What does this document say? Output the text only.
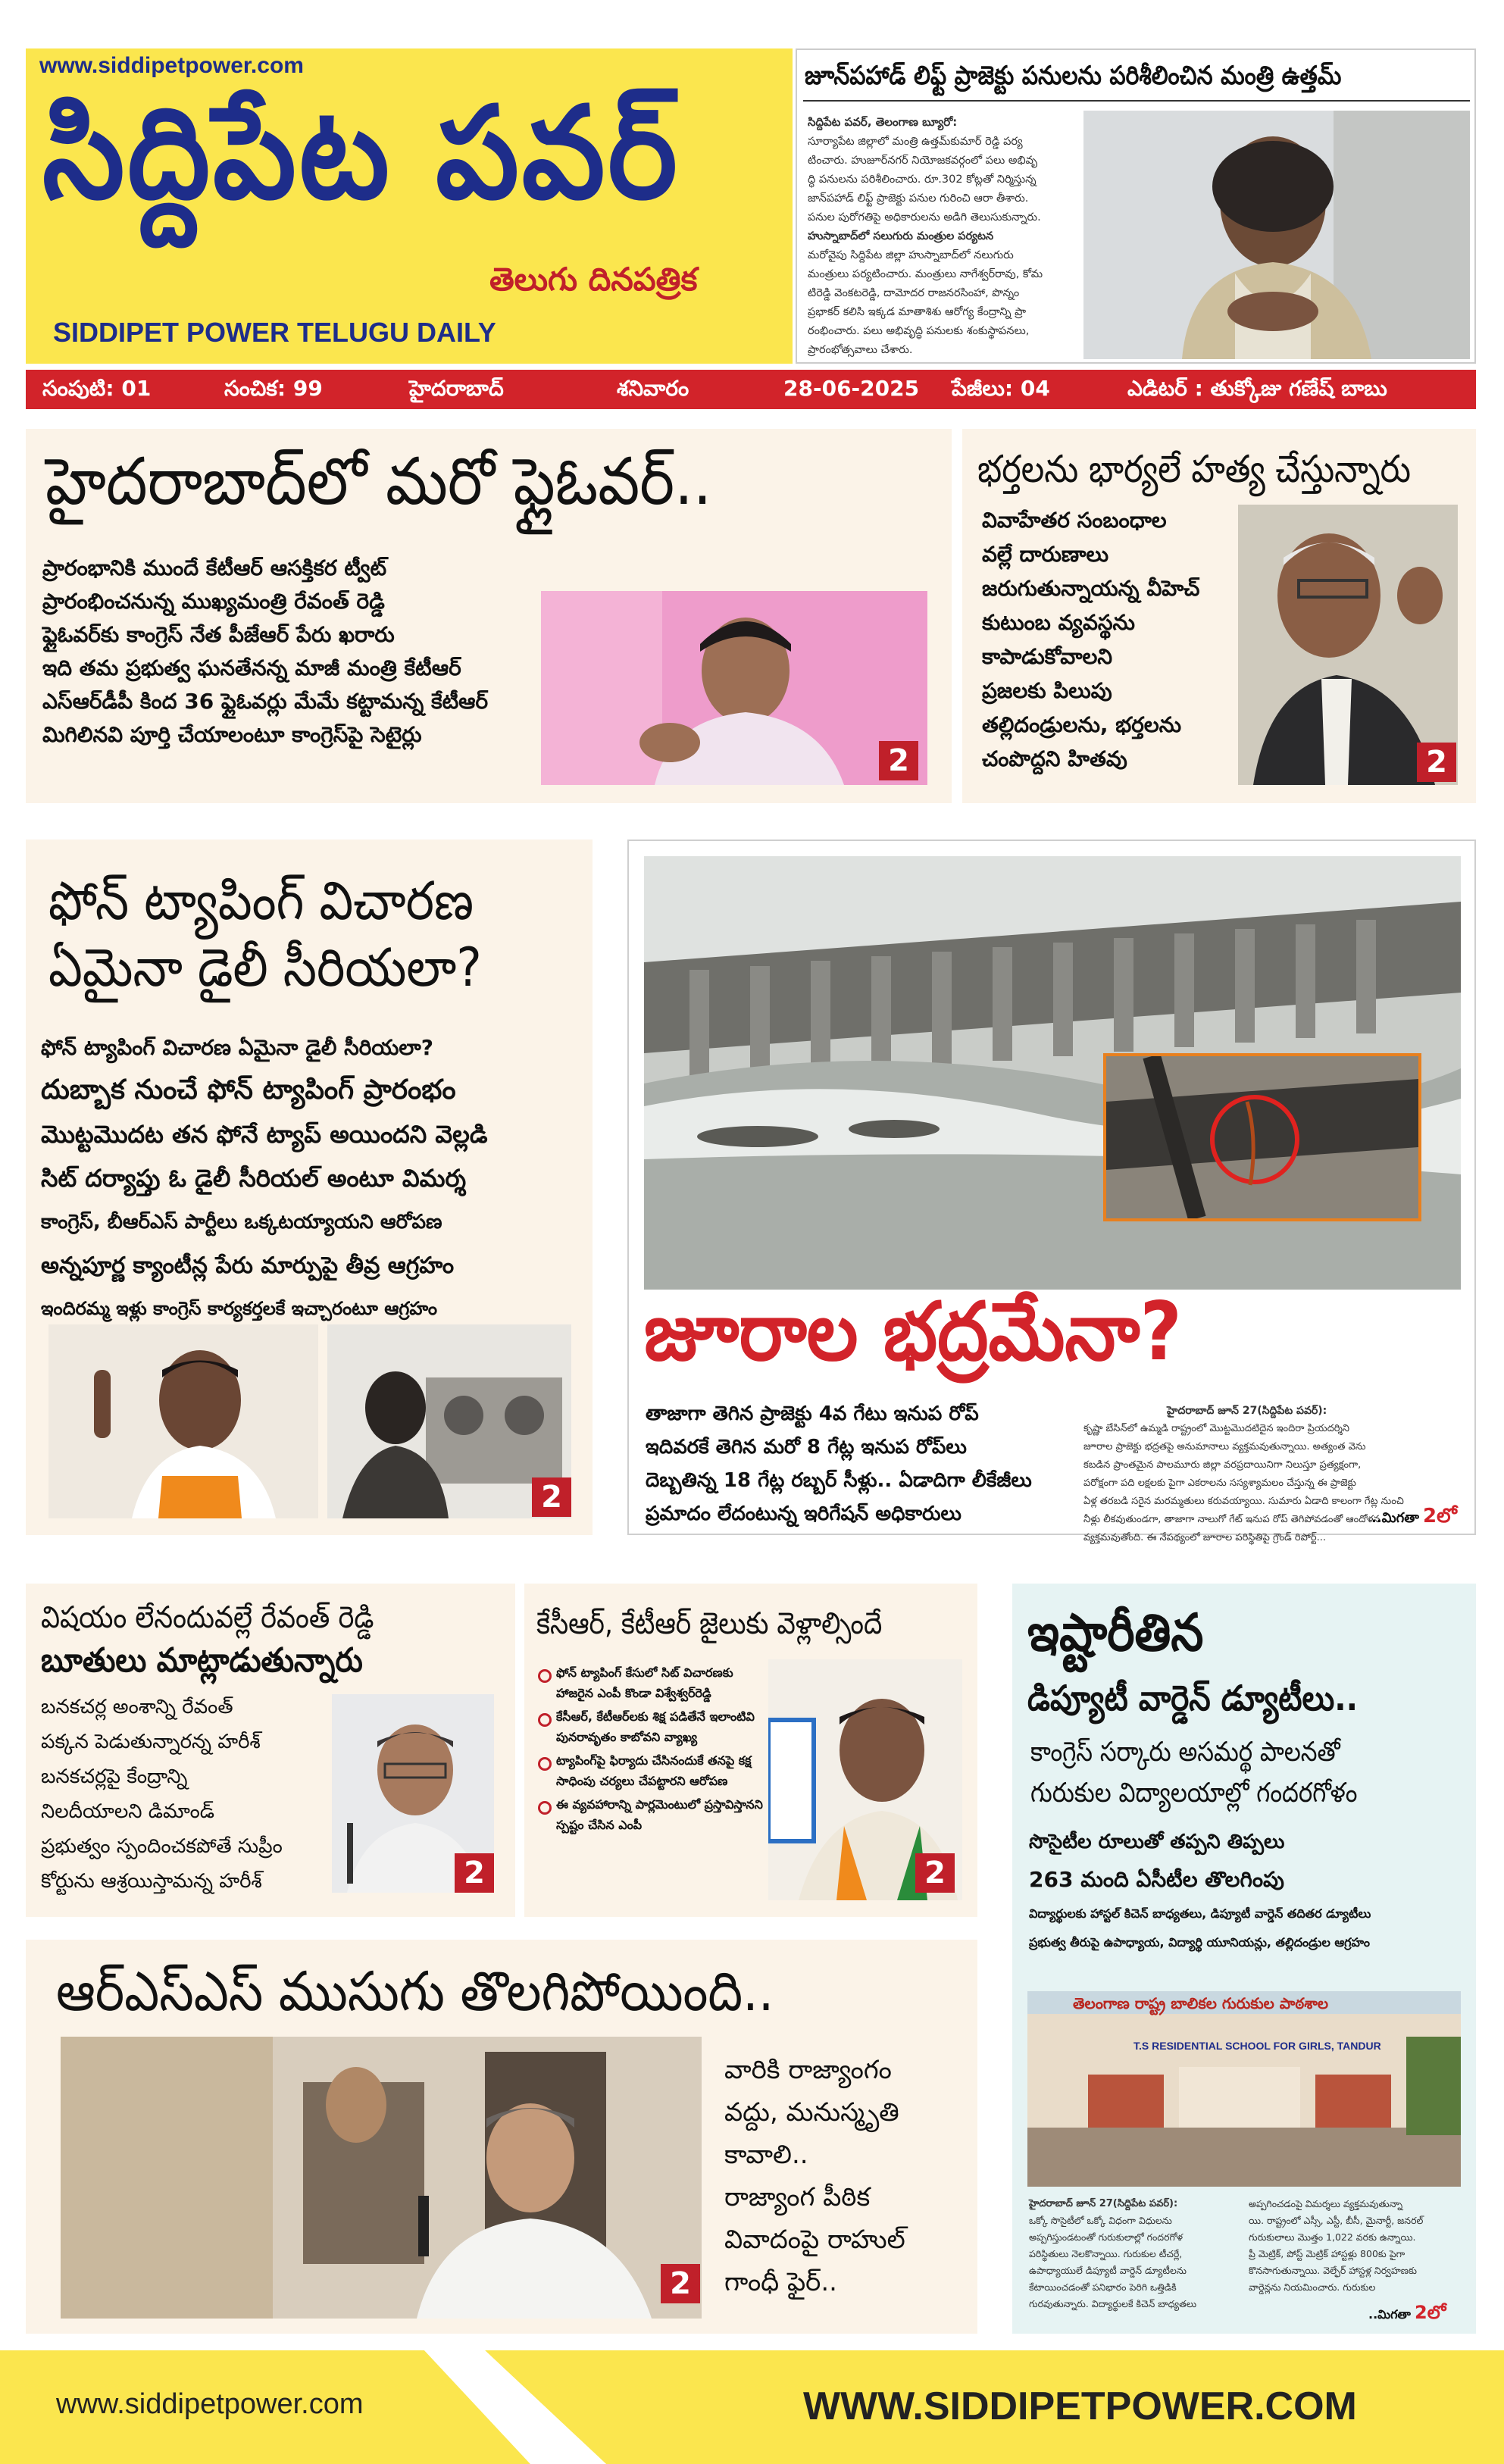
www.siddipetpower.com
సిద్దిపేట పవర్
తెలుగు దినపత్రిక
SIDDIPET POWER TELUGU DAILY
జూన్‌పహాడ్ లిఫ్ట్ ప్రాజెక్టు పనులను పరిశీలించిన మంత్రి ఉత్తమ్
సిద్దిపేట పవర్, తెలంగాణ బ్యూరో:
సూర్యాపేట జిల్లాలో మంత్రి ఉత్తమ్‌కుమార్ రెడ్డి పర్య
టించారు. హుజూర్‌నగర్ నియోజకవర్గంలో పలు అభివృ
ద్ధి పనులను పరిశీలించారు. రూ.302 కోట్లతో నిర్మిస్తున్న
జాన్‌పహాడ్ లిఫ్ట్ ప్రాజెక్టు పనుల గురించి ఆరా తీశారు.
పనుల పురోగతిపై అధికారులను అడిగి తెలుసుకున్నారు.
హుస్నాబాద్‌లో సలుగురు మంత్రుల పర్యటన
మరోవైపు సిద్దిపేట జిల్లా హుస్నాబాద్‌లో నలుగురు
మంత్రులు పర్యటించారు. మంత్రులు నాగేశ్వర్‌రావు, కోమ
టిరెడ్డి వెంకటరెడ్డి, దామోదర రాజనరసింహా, పొన్నం
ప్రభాకర్ కలిసి ఇక్కడ మాతాశిశు ఆరోగ్య కేంద్రాన్ని ప్రా
రంభించారు. పలు అభివృద్ధి పనులకు శంకుస్థాపనలు,
ప్రారంభోత్సవాలు చేశారు.
సంపుటి: 01	సంచిక: 99	హైదరాబాద్	శనివారం	28-06-2025 పేజీలు: 04	ఎడిటర్ : తుక్కోజు గణేష్ బాబు
హైదరాబాద్‌లో మరో ఫ్లైఓవర్..
ప్రారంభానికి ముందే కేటీఆర్ ఆసక్తికర ట్వీట్
ప్రారంభించనున్న ముఖ్యమంత్రి రేవంత్ రెడ్డి
ఫ్లైఓవర్‌కు కాంగ్రెస్ నేత పీజేఆర్ పేరు ఖరారు
ఇది తమ ప్రభుత్వ ఘనతేనన్న మాజీ మంత్రి కేటీఆర్
ఎస్ఆర్‌డీపీ కింద 36 ఫ్లైఓవర్లు మేమే కట్టామన్న కేటీఆర్
మిగిలినవి పూర్తి చేయాలంటూ కాంగ్రెస్‌పై సెటైర్లు
2
భర్తలను భార్యలే హత్య చేస్తున్నారు
వివాహేతర సంబంధాల
వల్లే దారుణాలు
జరుగుతున్నాయన్న వీహెచ్
కుటుంబ వ్యవస్థను
కాపాడుకోవాలని
ప్రజలకు పిలుపు
తల్లిదండ్రులను, భర్తలను
చంపొద్దని హితవు	2
ఫోన్ ట్యాపింగ్ విచారణ
ఏమైనా డైలీ సీరియలా?
ఫోన్ ట్యాపింగ్ విచారణ ఏమైనా డైలీ సీరియలా?
దుబ్బాక నుంచే ఫోన్ ట్యాపింగ్ ప్రారంభం
మొట్టమొదట తన ఫోనే ట్యాప్ అయిందని వెల్లడి
సిట్ దర్యాప్తు ఓ డైలీ సీరియల్ అంటూ విమర్శ
కాంగ్రెస్, బీఆర్ఎస్ పార్టీలు ఒక్కటయ్యాయని ఆరోపణ
అన్నపూర్ణ క్యాంటీన్ల పేరు మార్పుపై తీవ్ర ఆగ్రహం
ఇందిరమ్మ ఇళ్లు కాంగ్రెస్ కార్యకర్తలకే ఇచ్చారంటూ ఆగ్రహం
2
జూరాల భద్రమేనా?
తాజాగా తెగిన ప్రాజెక్టు 4వ గేటు ఇనుప రోప్
ఇదివరకే తెగిన మరో 8 గేట్ల ఇనుప రోప్‌లు
దెబ్బతిన్న 18 గేట్ల రబ్బర్ సీళ్లు.. ఏడాదిగా లీకేజీలు
ప్రమాదం లేదంటున్న ఇరిగేషన్ అధికారులు
హైదరాబాద్ జూన్ 27(సిద్దిపేట పవర్):
కృష్ణా బేసిన్‌లో ఉమ్మడి రాష్ట్రంలో మొట్టమొదటిదైన ఇందిరా ప్రియదర్శిని
జూరాల ప్రాజెక్టు భద్రతపై అనుమానాలు వ్యక్తమవుతున్నాయి. అత్యంత వెను
కబడిన ప్రాంతమైన పాలమూరు జిల్లా వరప్రదాయినిగా నిలుస్తూ ప్రత్యక్షంగా,
పరోక్షంగా పది లక్షలకు పైగా ఎకరాలను సస్యశ్యామలం చేస్తున్న ఈ ప్రాజెక్టు
ఏళ్ల తరబడి సరైన మరమ్మతులు కరువయ్యాయి. సుమారు ఏడాది కాలంగా గేట్ల నుంచి
నీళ్లు లీకవుతుండగా, తాజాగా నాలుగో గేట్ ఇనుప రోప్ తెగిపోవడంతో ఆందోళన
వ్యక్తమవుతోంది. ఈ నేపథ్యంలో జూరాల పరిస్థితిపై గ్రౌండ్ రిపోర్ట్...
..మిగతా 2లో
విషయం లేనందువల్లే రేవంత్ రెడ్డి
బూతులు మాట్లాడుతున్నారు
బనకచర్ల అంశాన్ని రేవంత్
పక్కన పెడుతున్నారన్న హరీశ్
బనకచర్లపై కేంద్రాన్ని
నిలదీయాలని డిమాండ్
ప్రభుత్వం స్పందించకపోతే సుప్రీం
కోర్టును ఆశ్రయిస్తామన్న హరీశ్	2
కేసీఆర్, కేటీఆర్ జైలుకు వెళ్లాల్సిందే
ఫోన్ ట్యాపింగ్ కేసులో సిట్ విచారణకు హాజరైన ఎంపీ కొండా విశ్వేశ్వర్‌రెడ్డి
కేసీఆర్, కేటీఆర్‌లకు శిక్ష పడితేనే ఇలాంటివి పునరావృతం కాబోవని వ్యాఖ్య
ట్యాపింగ్‌పై ఫిర్యాదు చేసినందుకే తనపై కక్ష సాధింపు చర్యలు చేపట్టారని ఆరోపణ
ఈ వ్యవహారాన్ని పార్లమెంటులో ప్రస్తావిస్తానని స్పష్టం చేసిన ఎంపీ
2
ఇష్టారీతిన
డిప్యూటీ వార్డెన్ డ్యూటీలు..
కాంగ్రెస్ సర్కారు అసమర్థ పాలనతో
గురుకుల విద్యాలయాల్లో గందరగోళం
సొసైటీల రూలుతో తప్పని తిప్పలు
263 మంది ఏసీటీల తొలగింపు
విద్యార్థులకు హాస్టల్ కిచెన్ బాధ్యతలు, డిప్యూటీ వార్డెన్ తదితర డ్యూటీలు
ప్రభుత్వ తీరుపై ఉపాధ్యాయ, విద్యార్థి యూనియన్లు, తల్లిదండ్రుల ఆగ్రహం
తెలంగాణ రాష్ట్ర బాలికల గురుకుల పాఠశాల
T.S RESIDENTIAL SCHOOL FOR GIRLS, TANDUR
హైదరాబాద్ జూన్ 27(సిద్దిపేట పవర్):
ఒక్కో సొసైటీలో ఒక్కో విధంగా విధులను
అప్పగిస్తుండటంతో గురుకులాల్లో గందరగోళ
పరిస్థితులు నెలకొన్నాయి. గురుకుల టీచర్లే,
ఉపాధ్యాయులే డిప్యూటీ వార్డెన్ డ్యూటీలను
కేటాయించడంతో పనిభారం పెరిగి ఒత్తిడికి
గురవుతున్నారు. విద్యార్థులకే కిచెన్ బాధ్యతలు
అప్పగించడంపై విమర్శలు వ్యక్తమవుతున్నా
యి. రాష్ట్రంలో ఎస్సీ, ఎస్టీ, బీసీ, మైనార్టీ, జనరల్
గురుకులాలు మొత్తం 1,022 వరకు ఉన్నాయి.
ప్రీ మెట్రిక్, పోస్ట్ మెట్రిక్ హాస్టళ్లు 800కు పైగా
కొనసాగుతున్నాయి. వెల్ఫేర్ హాస్టళ్ల నిర్వహణకు
వార్డెన్లను నియమించారు. గురుకుల
..మిగతా 2లో
ఆర్ఎస్ఎస్ ముసుగు తొలగిపోయింది..
వారికి రాజ్యాంగం
వద్దు, మనుస్మృతి
కావాలి..
రాజ్యాంగ పీఠిక
వివాదంపై రాహుల్
గాంధీ ఫైర్..
2
www.siddipetpower.com	WWW.SIDDIPETPOWER.COM
